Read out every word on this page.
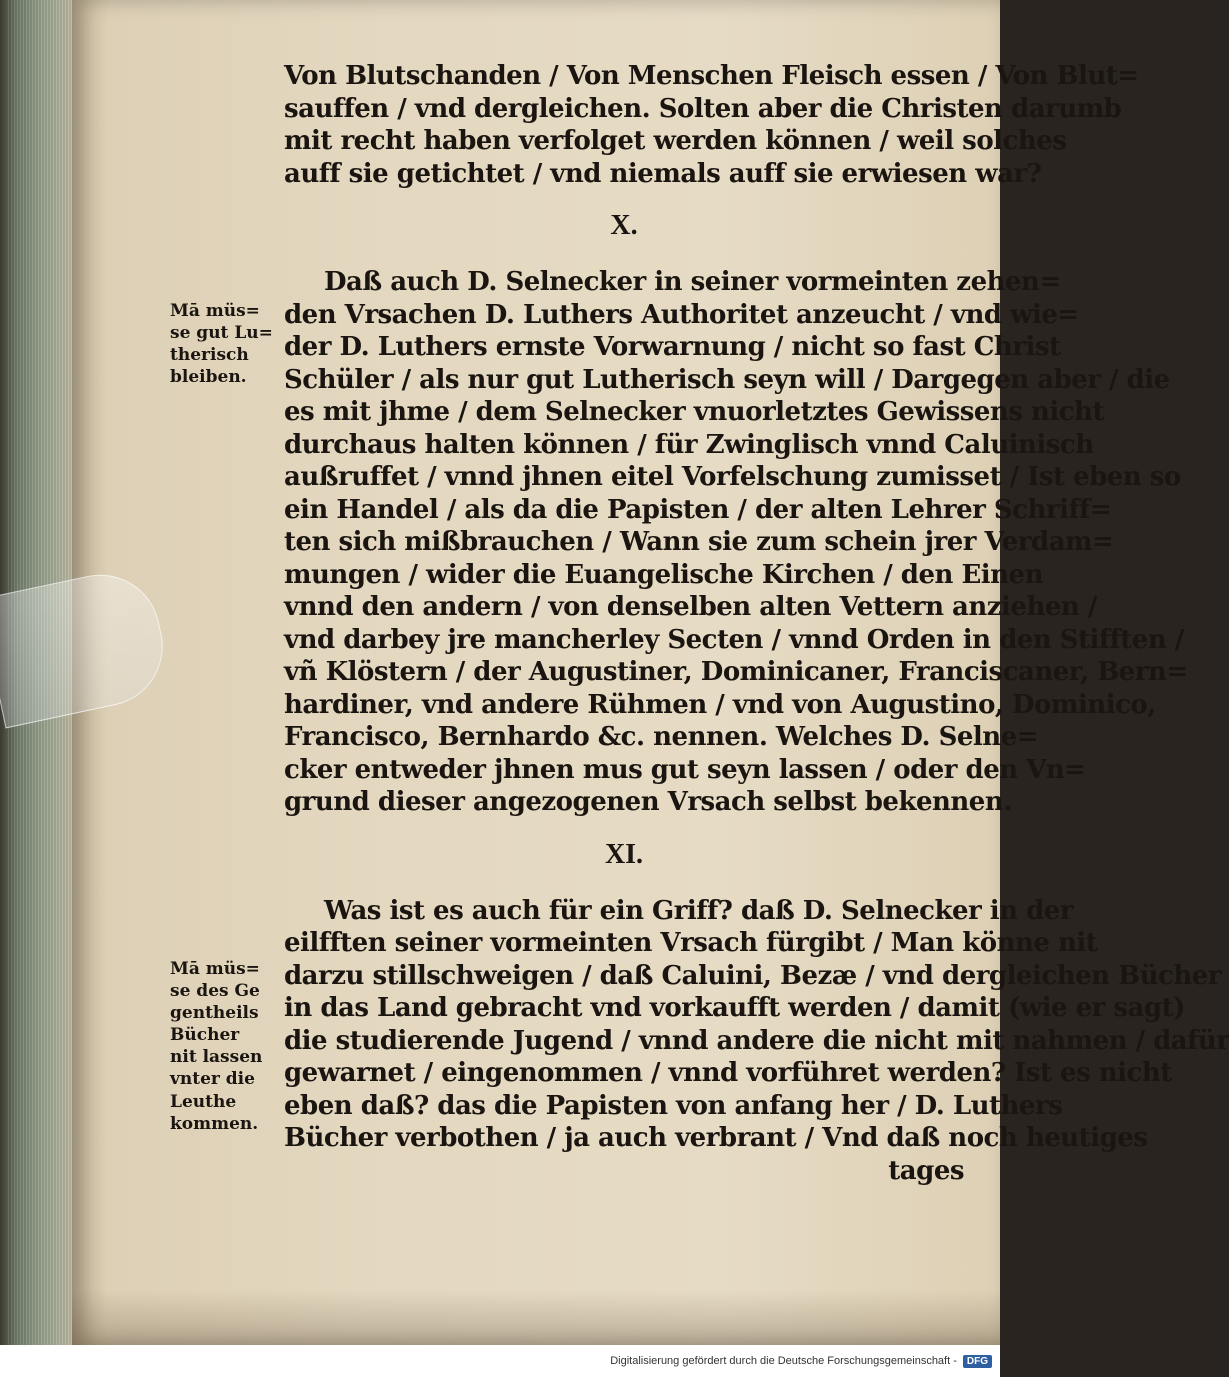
Von Blutschanden / Von Menschen Fleisch essen / Von Blut=
sauffen / vnd dergleichen. Solten aber die Christen darumb
mit recht haben verfolget werden können / weil solches
auff sie getichtet / vnd niemals auff sie erwiesen war?
X.
Daß auch D. Selnecker in seiner vormeinten zehen=
den Vrsachen D. Luthers Authoritet anzeucht / vnd wie=
der D. Luthers ernste Vorwarnung / nicht so fast Christ
Schüler / als nur gut Lutherisch seyn will / Dargegen aber / die
es mit jhme / dem Selnecker vnuorletztes Gewissens nicht
durchaus halten können / für Zwinglisch vnnd Caluinisch
außruffet / vnnd jhnen eitel Vorfelschung zumisset / Ist eben so
ein Handel / als da die Papisten / der alten Lehrer Schriff=
ten sich mißbrauchen / Wann sie zum schein jrer Verdam=
mungen / wider die Euangelische Kirchen / den Einen
vnnd den andern / von denselben alten Vettern anziehen /
vnd darbey jre mancherley Secten / vnnd Orden in den Stifften /
vñ Klöstern / der Augustiner, Dominicaner, Franciscaner, Bern=
hardiner, vnd andere Rühmen / vnd von Augustino, Dominico,
Francisco, Bernhardo &c. nennen. Welches D. Selne=
cker entweder jhnen mus gut seyn lassen / oder den Vn=
grund dieser angezogenen Vrsach selbst bekennen.
XI.
Was ist es auch für ein Griff? daß D. Selnecker in der
eilfften seiner vormeinten Vrsach fürgibt / Man könne nit
darzu stillschweigen / daß Caluini, Bezæ / vnd dergleichen Bücher
in das Land gebracht vnd vorkaufft werden / damit (wie er sagt)
die studierende Jugend / vnnd andere die nicht mit nahmen / dafür
gewarnet / eingenommen / vnnd vorführet werden? Ist es nicht
eben daß? das die Papisten von anfang her / D. Luthers
Bücher verbothen / ja auch verbrant / Vnd daß noch heutiges
tages
Mā müs=
se gut Lu=
therisch
bleiben.
Mā müs=
se des Ge
gentheils
Bücher
nit lassen
vnter die
Leuthe
kommen.
Digitalisierung gefördert durch die Deutsche Forschungsgemeinschaft -	DFG
